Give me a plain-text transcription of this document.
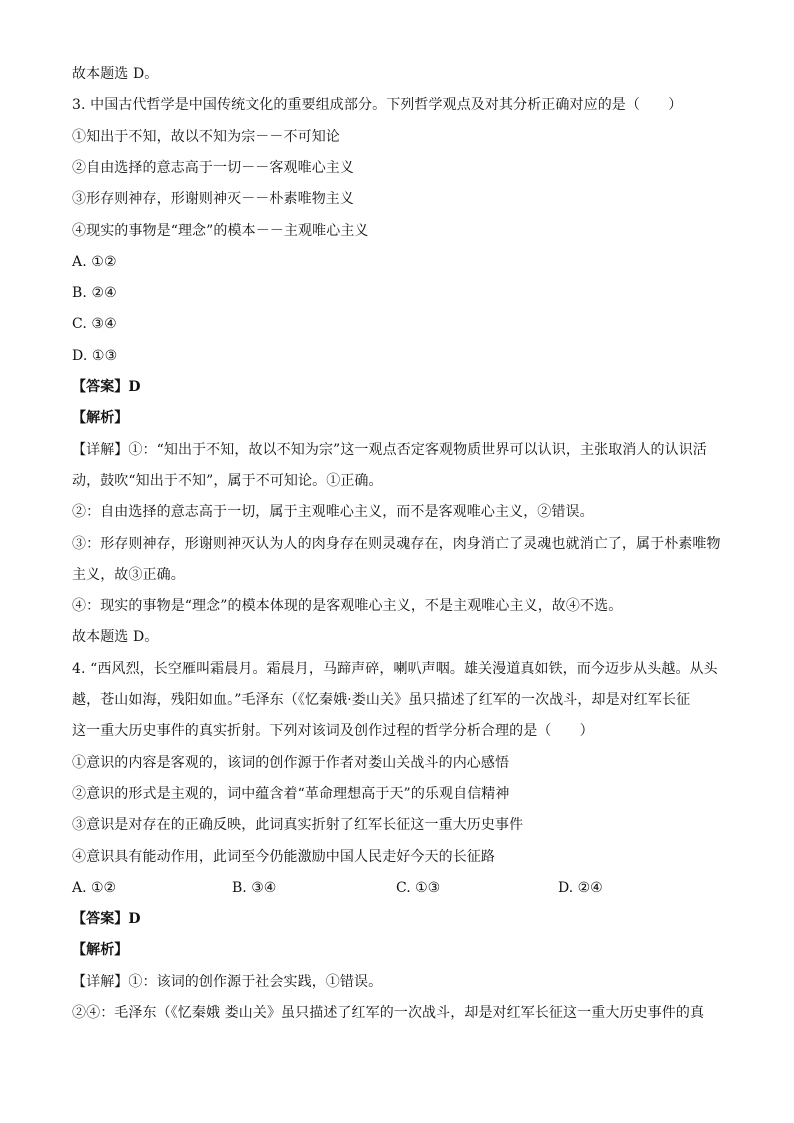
故本题选 D。
3. 中国古代哲学是中国传统文化的重要组成部分。下列哲学观点及对其分析正确对应的是（　　）
①知出于不知，故以不知为宗－－不可知论
②自由选择的意志高于一切－－客观唯心主义
③形存则神存，形谢则神灭－－朴素唯物主义
④现实的事物是“理念”的模本－－主观唯心主义
A. ①②
B. ②④
C. ③④
D. ①③
【答案】D
【解析】
【详解】①：“知出于不知，故以不知为宗”这一观点否定客观物质世界可以认识，主张取消人的认识活
动，鼓吹“知出于不知”，属于不可知论。①正确。
②：自由选择的意志高于一切，属于主观唯心主义，而不是客观唯心主义，②错误。
③：形存则神存，形谢则神灭认为人的肉身存在则灵魂存在，肉身消亡了灵魂也就消亡了，属于朴素唯物
主义，故③正确。
④：现实的事物是“理念”的模本体现的是客观唯心主义，不是主观唯心主义，故④不选。
故本题选 D。
4. “西风烈，长空雁叫霜晨月。霜晨月，马蹄声碎，喇叭声咽。雄关漫道真如铁，而今迈步从头越。从头
越，苍山如海，残阳如血。”毛泽东（《忆秦娥·娄山关》虽只描述了红军的一次战斗，却是对红军长征
这一重大历史事件的真实折射。下列对该词及创作过程的哲学分析合理的是（　　）
①意识的内容是客观的，该词的创作源于作者对娄山关战斗的内心感悟
②意识的形式是主观的，词中蕴含着“革命理想高于天”的乐观自信精神
③意识是对存在的正确反映，此词真实折射了红军长征这一重大历史事件
④意识具有能动作用，此词至今仍能激励中国人民走好今天的长征路
A. ①②	B. ③④	C. ①③	D. ②④
【答案】D
【解析】
【详解】①：该词的创作源于社会实践，①错误。
②④：毛泽东（《忆秦娥 娄山关》虽只描述了红军的一次战斗，却是对红军长征这一重大历史事件的真
